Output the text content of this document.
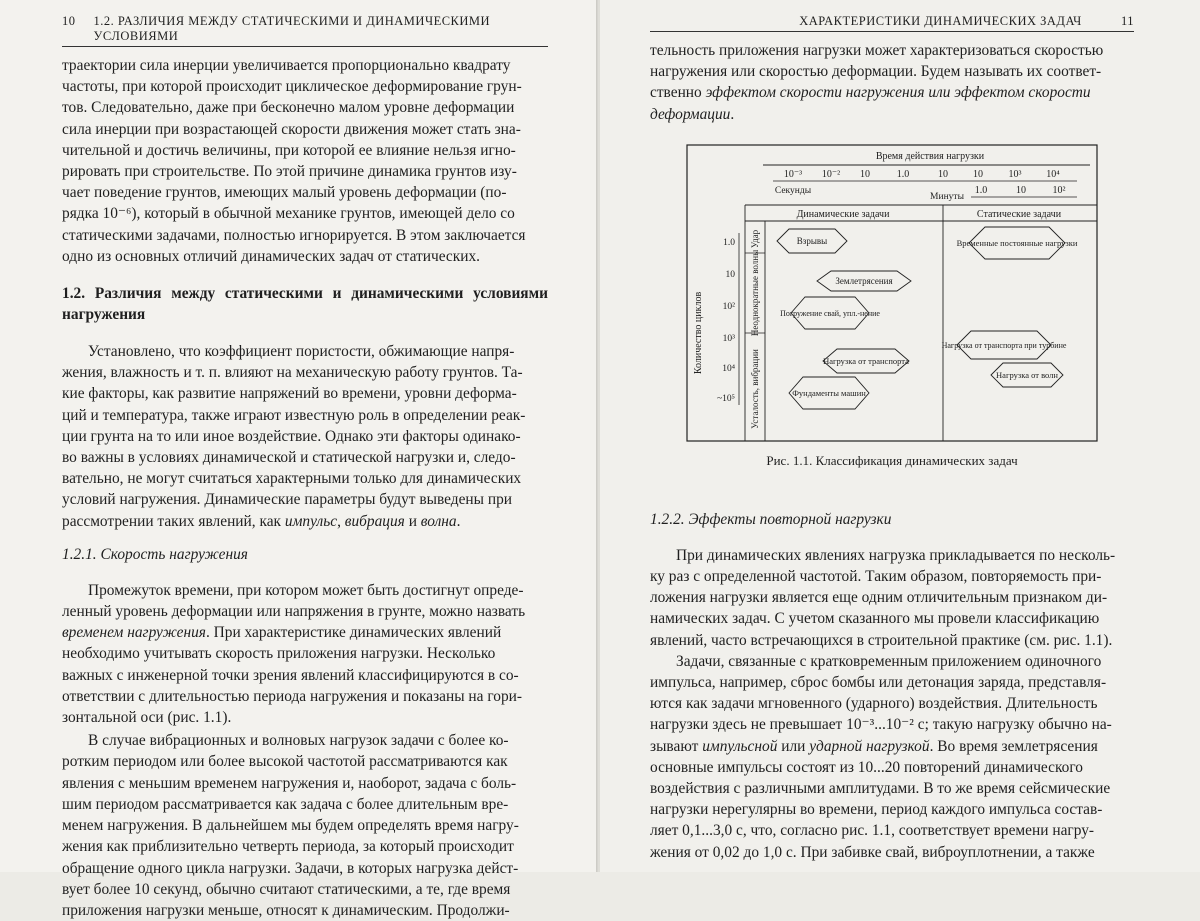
10 1.2. РАЗЛИЧИЯ МЕЖДУ СТАТИЧЕСКИМИ И ДИНАМИЧЕСКИМИ УСЛОВИЯМИ

траектории сила инерции увеличивается пропорционально квадрату

частоты, при которой происходит циклическое деформирование грун-

тов. Следовательно, даже при бесконечно малом уровне деформации

сила инерции при возрастающей скорости движения может стать зна-

чительной и достичь величины, при которой ее влияние нельзя игно-

рировать при строительстве. По этой причине динамика грунтов изу-

чает поведение грунтов, имеющих малый уровень деформации (по-

рядка 10⁻⁶), который в обычной механике грунтов, имеющей дело со

статическими задачами, полностью игнорируется. В этом заключается

одно из основных отличий динамических задач от статических.

1.2. Различия между статическими и динамическими условиями нагружения

Установлено, что коэффициент пористости, обжимающие напря-

жения, влажность и т. п. влияют на механическую работу грунтов. Та-

кие факторы, как развитие напряжений во времени, уровни деформа-

ций и температура, также играют известную роль в определении реак-

ции грунта на то или иное воздействие. Однако эти факторы одинако-

во важны в условиях динамической и статической нагрузки и, следо-

вательно, не могут считаться характерными только для динамических

условий нагружения. Динамические параметры будут выведены при

рассмотрении таких явлений, как импульс, вибрация и волна.

1.2.1. Скорость нагружения

Промежуток времени, при котором может быть достигнут опреде-

ленный уровень деформации или напряжения в грунте, можно назвать

временем нагружения. При характеристике динамических явлений

необходимо учитывать скорость приложения нагрузки. Несколько

важных с инженерной точки зрения явлений классифицируются в со-

ответствии с длительностью периода нагружения и показаны на гори-

зонтальной оси (рис. 1.1).

В случае вибрационных и волновых нагрузок задачи с более ко-

ротким периодом или более высокой частотой рассматриваются как

явления с меньшим временем нагружения и, наоборот, задача с боль-

шим периодом рассматривается как задача с более длительным вре-

менем нагружения. В дальнейшем мы будем определять время нагру-

жения как приблизительно четверть периода, за который происходит

обращение одного цикла нагрузки. Задачи, в которых нагрузка дейст-

вует более 10 секунд, обычно считают статическими, а те, где время

приложения нагрузки меньше, относят к динамическим. Продолжи-

ХАРАКТЕРИСТИКИ ДИНАМИЧЕСКИХ ЗАДАЧ	11

тельность приложения нагрузки может характеризоваться скоростью

нагружения или скоростью деформации. Будем называть их соответ-

ственно эффектом скорости нагружения или эффектом скорости

деформации.

Время действия нагрузки
10⁻³ 10⁻² 10	1.0	10	10	10³ 10⁴
Секунды
Минуты
1.0	10	10²
Динамические задачи	Статические задачи
Количество циклов
1.0
10
10²
10³
10⁴
~10⁵
Удар
Неоднократные волны
Усталость, вибрации
Взрывы	Временные постоянные нагрузки
Землетрясения
Погружение свай, упл.-нение
Нагрузка от транспорта
Нагрузка от транспорта при турбине
Нагрузка от волн
Фундаменты машин
Рис. 1.1. Классификация динамических задач
1.2.2. Эффекты повторной нагрузки

При динамических явлениях нагрузка прикладывается по несколь-

ку раз с определенной частотой. Таким образом, повторяемость при-

ложения нагрузки является еще одним отличительным признаком ди-

намических задач. С учетом сказанного мы провели классификацию

явлений, часто встречающихся в строительной практике (см. рис. 1.1).

Задачи, связанные с кратковременным приложением одиночного

импульса, например, сброс бомбы или детонация заряда, представля-

ются как задачи мгновенного (ударного) воздействия. Длительность

нагрузки здесь не превышает 10⁻³...10⁻² с; такую нагрузку обычно на-

зывают импульсной или ударной нагрузкой. Во время землетрясения

основные импульсы состоят из 10...20 повторений динамического

воздействия с различными амплитудами. В то же время сейсмические

нагрузки нерегулярны во времени, период каждого импульса состав-

ляет 0,1...3,0 с, что, согласно рис. 1.1, соответствует времени нагру-

жения от 0,02 до 1,0 с. При забивке свай, виброуплотнении, а также
